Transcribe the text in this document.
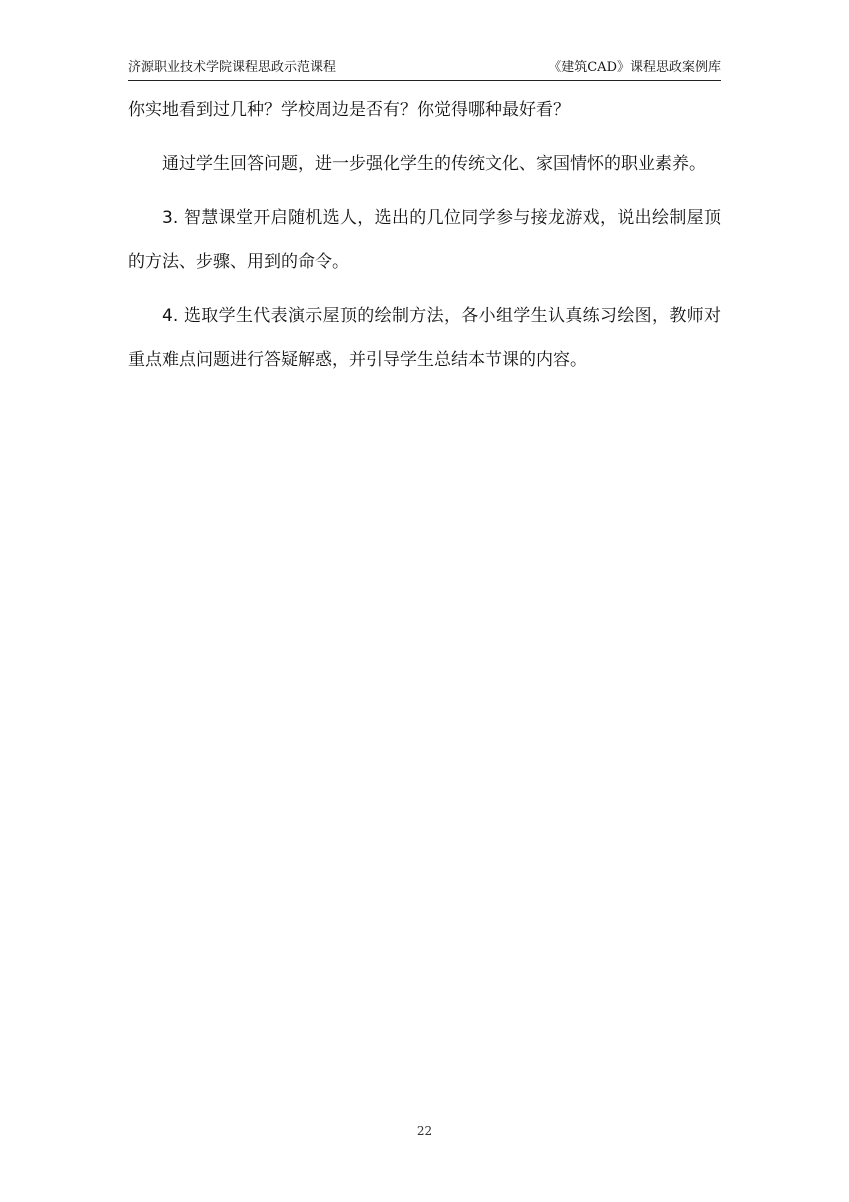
济源职业技术学院课程思政示范课程	《建筑CAD》课程思政案例库

你实地看到过几种？学校周边是否有？你觉得哪种最好看？

通过学生回答问题，进一步强化学生的传统文化、家国情怀的职业素养。

3. 智慧课堂开启随机选人，选出的几位同学参与接龙游戏，说出绘制屋顶的方法、步骤、用到的命令。

4. 选取学生代表演示屋顶的绘制方法，各小组学生认真练习绘图，教师对重点难点问题进行答疑解惑，并引导学生总结本节课的内容。

22
